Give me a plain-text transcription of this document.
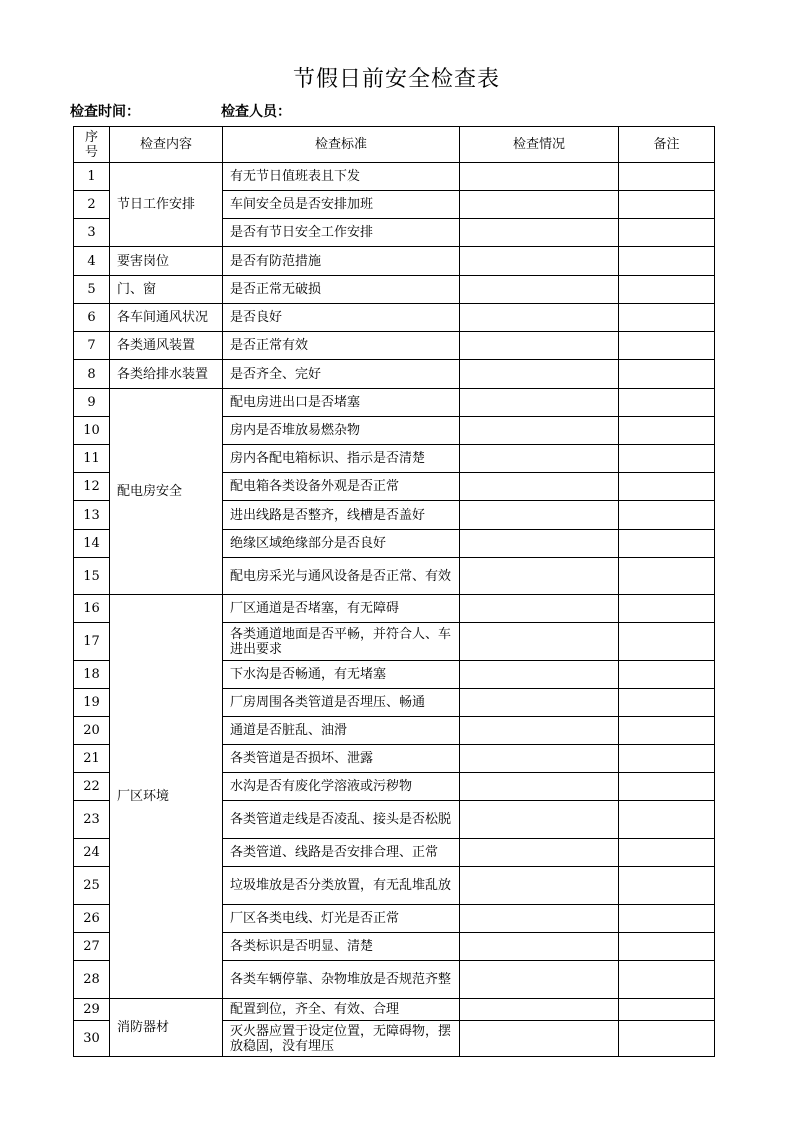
节假日前安全检查表
检查时间：	检查人员：
序
号	检查内容	检查标准	检查情况	备注
1	节日工作安排	有无节日值班表且下发		
2		车间安全员是否安排加班		
3		是否有节日安全工作安排		
4	要害岗位	是否有防范措施		
5	门、窗	是否正常无破损		
6	各车间通风状况	是否良好		
7	各类通风装置	是否正常有效		
8	各类给排水装置	是否齐全、完好		
9	配电房安全	配电房进出口是否堵塞		
10		房内是否堆放易燃杂物		
11		房内各配电箱标识、指示是否清楚		
12		配电箱各类设备外观是否正常		
13		进出线路是否整齐，线槽是否盖好		
14		绝缘区域绝缘部分是否良好		
15		配电房采光与通风设备是否正常、有效		
16	厂区环境	厂区通道是否堵塞，有无障碍		
17		各类通道地面是否平畅，并符合人、车进出要求		
18		下水沟是否畅通，有无堵塞		
19		厂房周围各类管道是否埋压、畅通		
20		通道是否脏乱、油滑		
21		各类管道是否损坏、泄露		
22		水沟是否有废化学溶液或污秽物		
23		各类管道走线是否凌乱、接头是否松脱		
24		各类管道、线路是否安排合理、正常		
25		垃圾堆放是否分类放置，有无乱堆乱放		
26		厂区各类电线、灯光是否正常		
27		各类标识是否明显、清楚		
28		各类车辆停靠、杂物堆放是否规范齐整		
29	消防器材	配置到位，齐全、有效、合理		
30		灭火器应置于设定位置，无障碍物，摆放稳固，没有埋压		
